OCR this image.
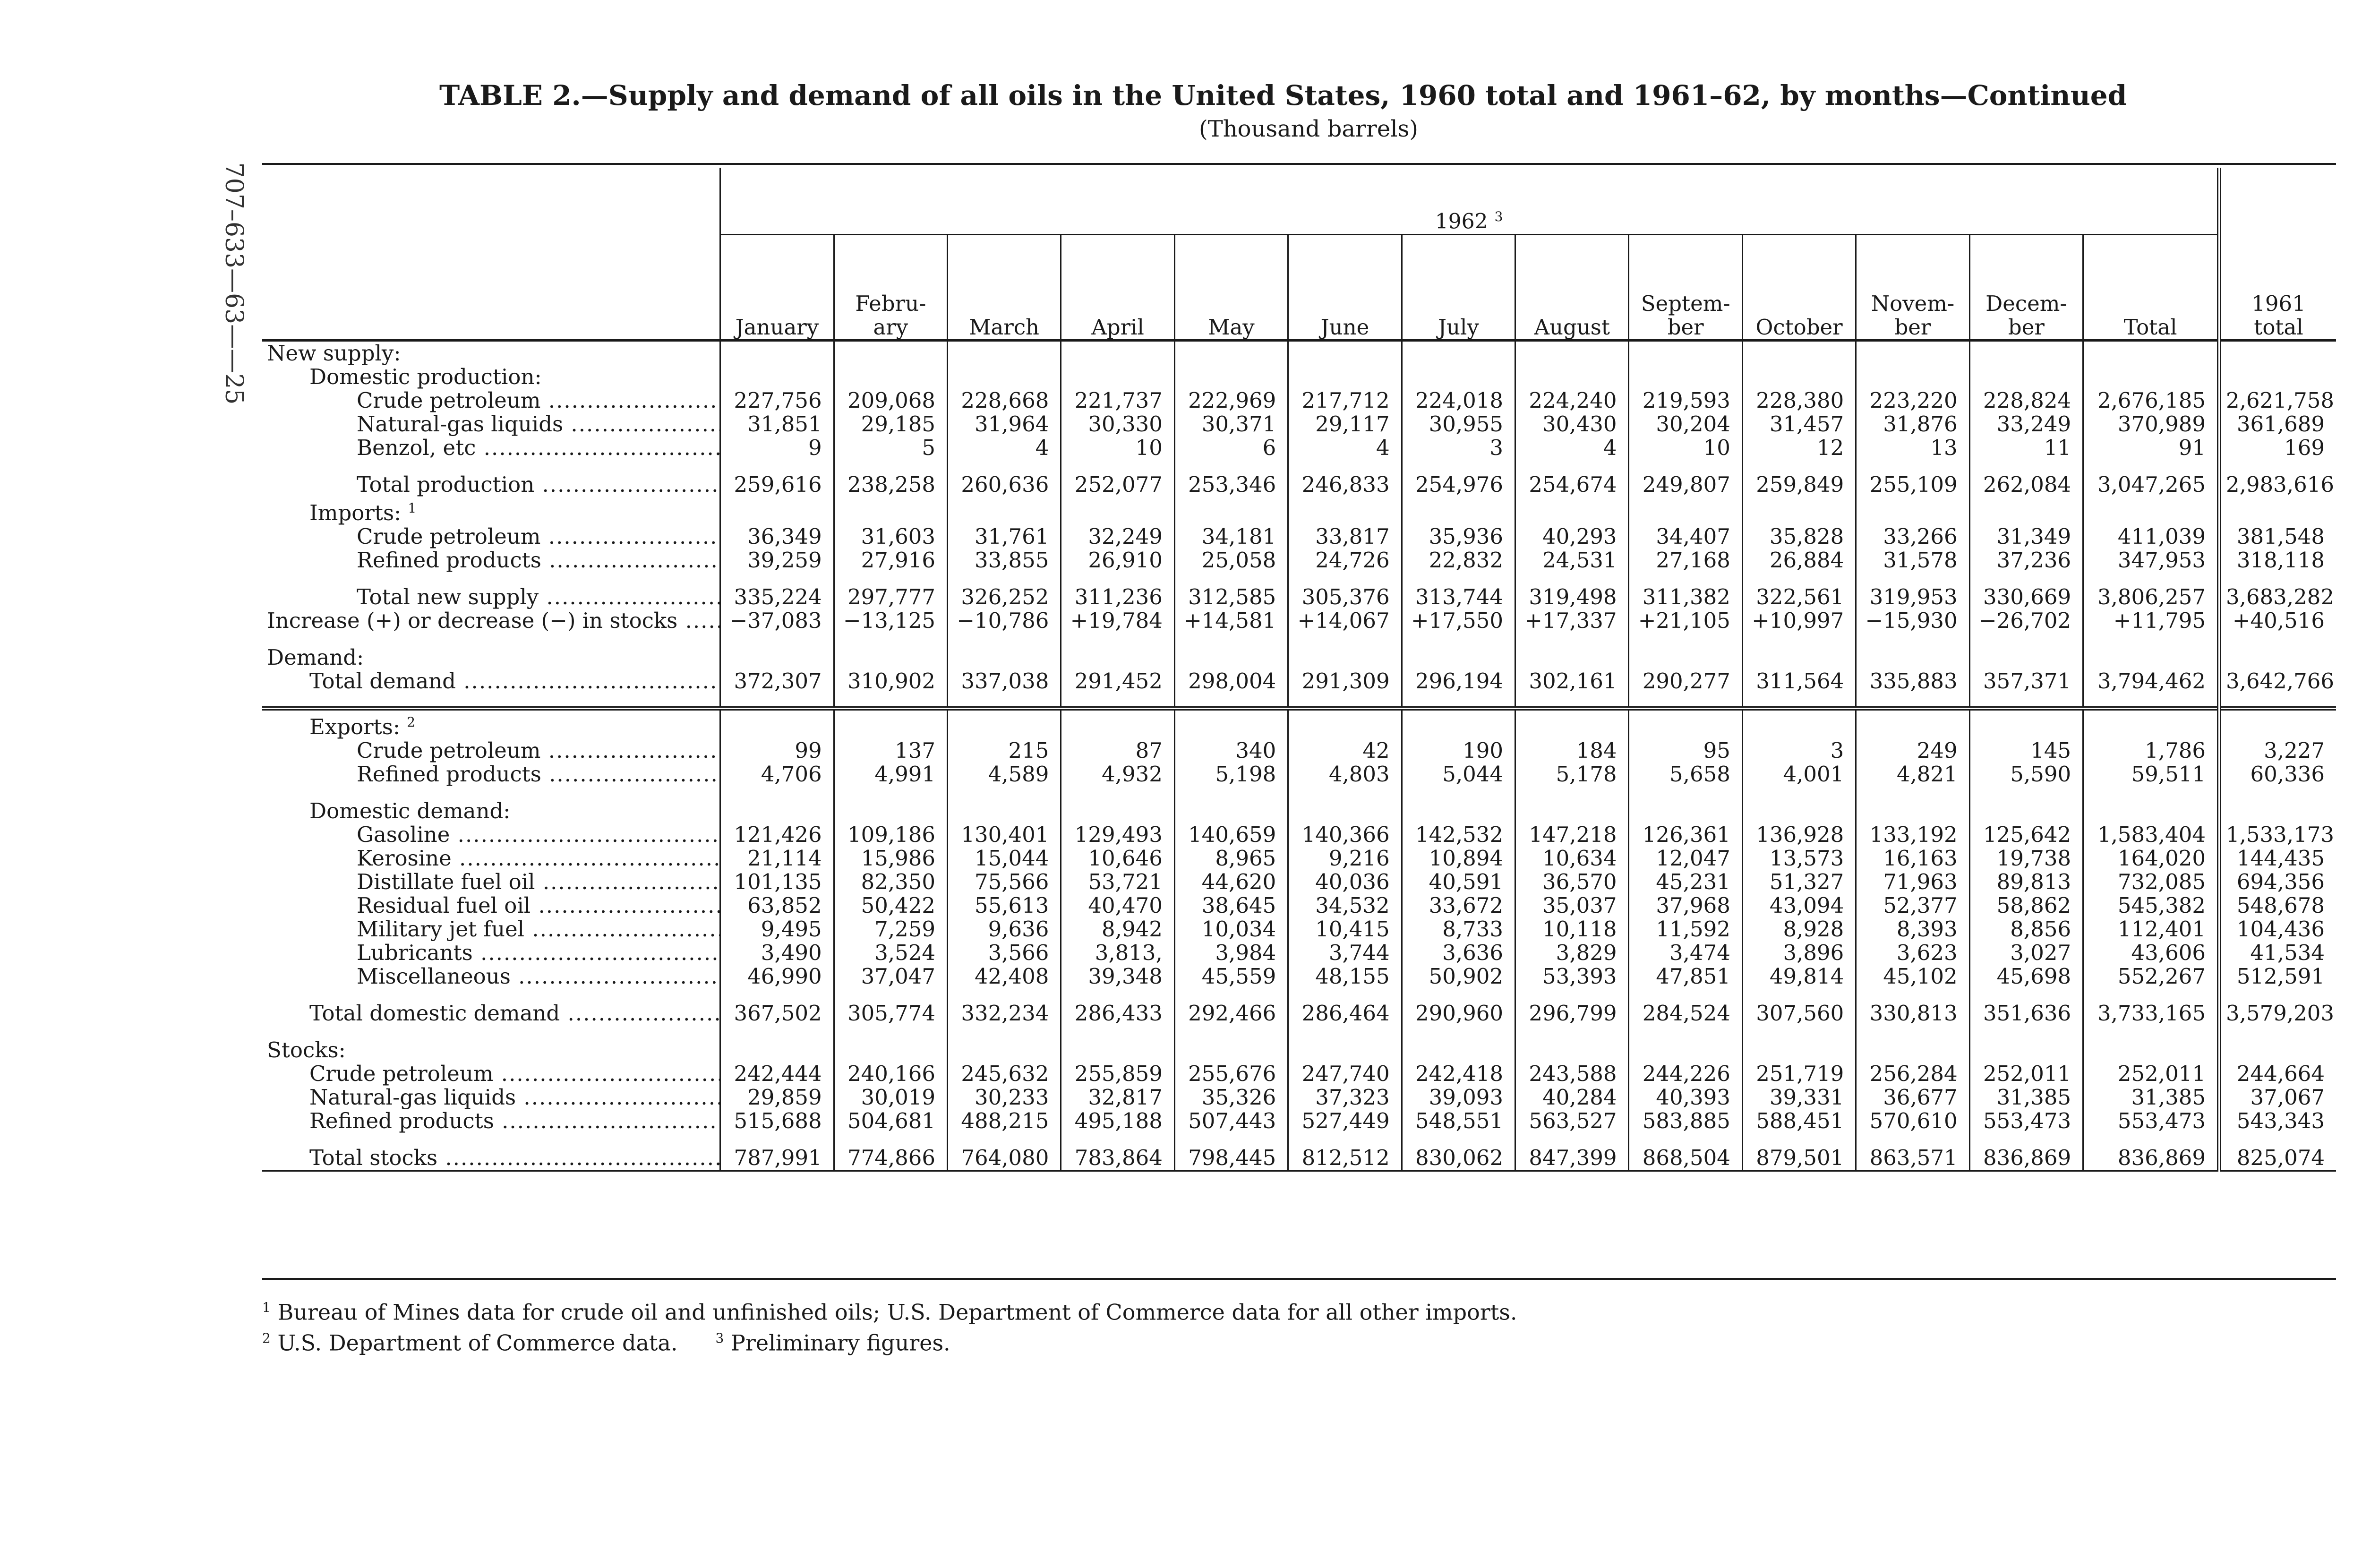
TABLE 2.—Supply and demand of all oils in the United States, 1960 total and 1961–62, by months—Continued
(Thousand barrels)
707–633—63——25
		1962 $^3$													1961 total
	January	Febru- ary	March	April	May	June	July	August	Septem- ber	October	Novem- ber	Decem- ber	Total	
New supply:														
Domestic production:														
Crude petroleum .....	227,756	209,068	228,668	221,737	222,969	217,712	224,018	224,240	219,593	228,380	223,220	228,824	2,676,185	2,621,758
Natural-gas liquids .....	31,851	29,185	31,964	30,330	30,371	29,117	30,955	30,430	30,204	31,457	31,876	33,249	370,989	361,689
Benzol, etc .....	9	5	4	10	6	4	3	4	10	12	13	11	91	169

Total production .....	259,616	238,258	260,636	252,077	253,346	246,833	254,976	254,674	249,807	259,849	255,109	262,084	3,047,265	2,983,616
Imports: $^1$														
Crude petroleum .....	36,349	31,603	31,761	32,249	34,181	33,817	35,936	40,293	34,407	35,828	33,266	31,349	411,039	381,548
Refined products .....	39,259	27,916	33,855	26,910	25,058	24,726	22,832	24,531	27,168	26,884	31,578	37,236	347,953	318,118

Total new supply .....	335,224	297,777	326,252	311,236	312,585	305,376	313,744	319,498	311,382	322,561	319,953	330,669	3,806,257	3,683,282
Increase (+) or decrease (−) in stocks .....	−37,083	−13,125	−10,786	+19,784	+14,581	+14,067	+17,550	+17,337	+21,105	+10,997	−15,930	−26,702	+11,795	+40,516

Demand:														
Total demand .....	372,307	310,902	337,038	291,452	298,004	291,309	296,194	302,161	290,277	311,564	335,883	357,371	3,794,462	3,642,766

Exports: $^2$														
Crude petroleum .....	99	137	215	87	340	42	190	184	95	3	249	145	1,786	3,227
Refined products .....	4,706	4,991	4,589	4,932	5,198	4,803	5,044	5,178	5,658	4,001	4,821	5,590	59,511	60,336

Domestic demand:														
Gasoline .....	121,426	109,186	130,401	129,493	140,659	140,366	142,532	147,218	126,361	136,928	133,192	125,642	1,583,404	1,533,173
Kerosine .....	21,114	15,986	15,044	10,646	8,965	9,216	10,894	10,634	12,047	13,573	16,163	19,738	164,020	144,435
Distillate fuel oil .....	101,135	82,350	75,566	53,721	44,620	40,036	40,591	36,570	45,231	51,327	71,963	89,813	732,085	694,356
Residual fuel oil .....	63,852	50,422	55,613	40,470	38,645	34,532	33,672	35,037	37,968	43,094	52,377	58,862	545,382	548,678
Military jet fuel .....	9,495	7,259	9,636	8,942	10,034	10,415	8,733	10,118	11,592	8,928	8,393	8,856	112,401	104,436
Lubricants .....	3,490	3,524	3,566	3,813,	3,984	3,744	3,636	3,829	3,474	3,896	3,623	3,027	43,606	41,534
Miscellaneous .....	46,990	37,047	42,408	39,348	45,559	48,155	50,902	53,393	47,851	49,814	45,102	45,698	552,267	512,591

Total domestic demand .....	367,502	305,774	332,234	286,433	292,466	286,464	290,960	296,799	284,524	307,560	330,813	351,636	3,733,165	3,579,203

Stocks:														
Crude petroleum .....	242,444	240,166	245,632	255,859	255,676	247,740	242,418	243,588	244,226	251,719	256,284	252,011	252,011	244,664
Natural-gas liquids .....	29,859	30,019	30,233	32,817	35,326	37,323	39,093	40,284	40,393	39,331	36,677	31,385	31,385	37,067
Refined products .....	515,688	504,681	488,215	495,188	507,443	527,449	548,551	563,527	583,885	588,451	570,610	553,473	553,473	543,343

Total stocks .....	787,991	774,866	764,080	783,864	798,445	812,512	830,062	847,399	868,504	879,501	863,571	836,869	836,869	825,074
$^1$ Bureau of Mines data for crude oil and unfinished oils; U.S. Department of Commerce data for all other imports.
$^2$ U.S. Department of Commerce data.	$^3$ Preliminary figures.
